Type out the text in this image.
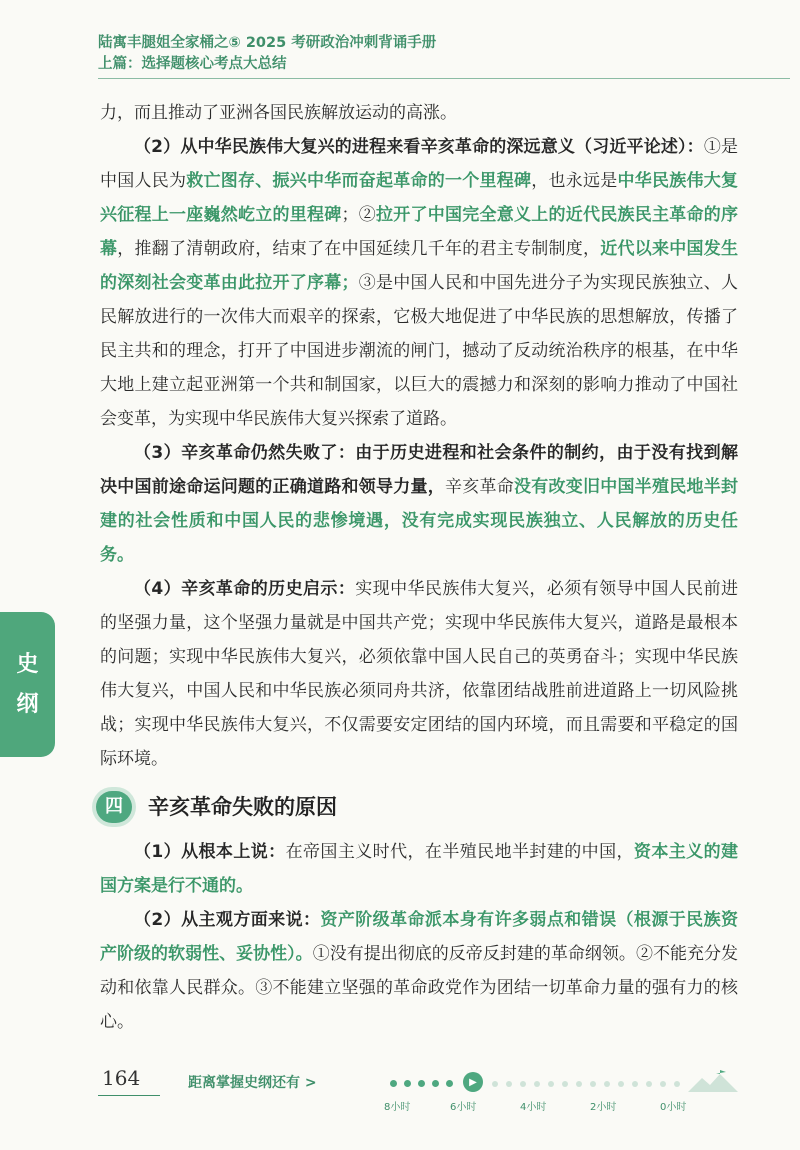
陆寓丰腿姐全家桶之⑤ 2025 考研政治冲刺背诵手册
上篇：选择题核心考点大总结

力，而且推动了亚洲各国民族解放运动的高涨。

（2）从中华民族伟大复兴的进程来看辛亥革命的深远意义（习近平论述）：①是中国人民为救亡图存、振兴中华而奋起革命的一个里程碑，也永远是中华民族伟大复兴征程上一座巍然屹立的里程碑；②拉开了中国完全意义上的近代民族民主革命的序幕，推翻了清朝政府，结束了在中国延续几千年的君主专制制度，近代以来中国发生的深刻社会变革由此拉开了序幕；③是中国人民和中国先进分子为实现民族独立、人民解放进行的一次伟大而艰辛的探索，它极大地促进了中华民族的思想解放，传播了民主共和的理念，打开了中国进步潮流的闸门，撼动了反动统治秩序的根基，在中华大地上建立起亚洲第一个共和制国家，以巨大的震撼力和深刻的影响力推动了中国社会变革，为实现中华民族伟大复兴探索了道路。

（3）辛亥革命仍然失败了：由于历史进程和社会条件的制约，由于没有找到解决中国前途命运问题的正确道路和领导力量，辛亥革命没有改变旧中国半殖民地半封建的社会性质和中国人民的悲惨境遇，没有完成实现民族独立、人民解放的历史任务。

（4）辛亥革命的历史启示：实现中华民族伟大复兴，必须有领导中国人民前进的坚强力量，这个坚强力量就是中国共产党；实现中华民族伟大复兴，道路是最根本的问题；实现中华民族伟大复兴，必须依靠中国人民自己的英勇奋斗；实现中华民族伟大复兴，中国人民和中华民族必须同舟共济，依靠团结战胜前进道路上一切风险挑战；实现中华民族伟大复兴，不仅需要安定团结的国内环境，而且需要和平稳定的国际环境。

四	辛亥革命失败的原因

（1）从根本上说：在帝国主义时代，在半殖民地半封建的中国，资本主义的建国方案是行不通的。

（2）从主观方面来说：资产阶级革命派本身有许多弱点和错误（根源于民族资产阶级的软弱性、妥协性）。①没有提出彻底的反帝反封建的革命纲领。②不能充分发动和依靠人民群众。③不能建立坚强的革命政党作为团结一切革命力量的强有力的核心。

史
纲
164	距离掌握史纲还有 >	▶
8小时	6小时	4小时	2小时	0小时
